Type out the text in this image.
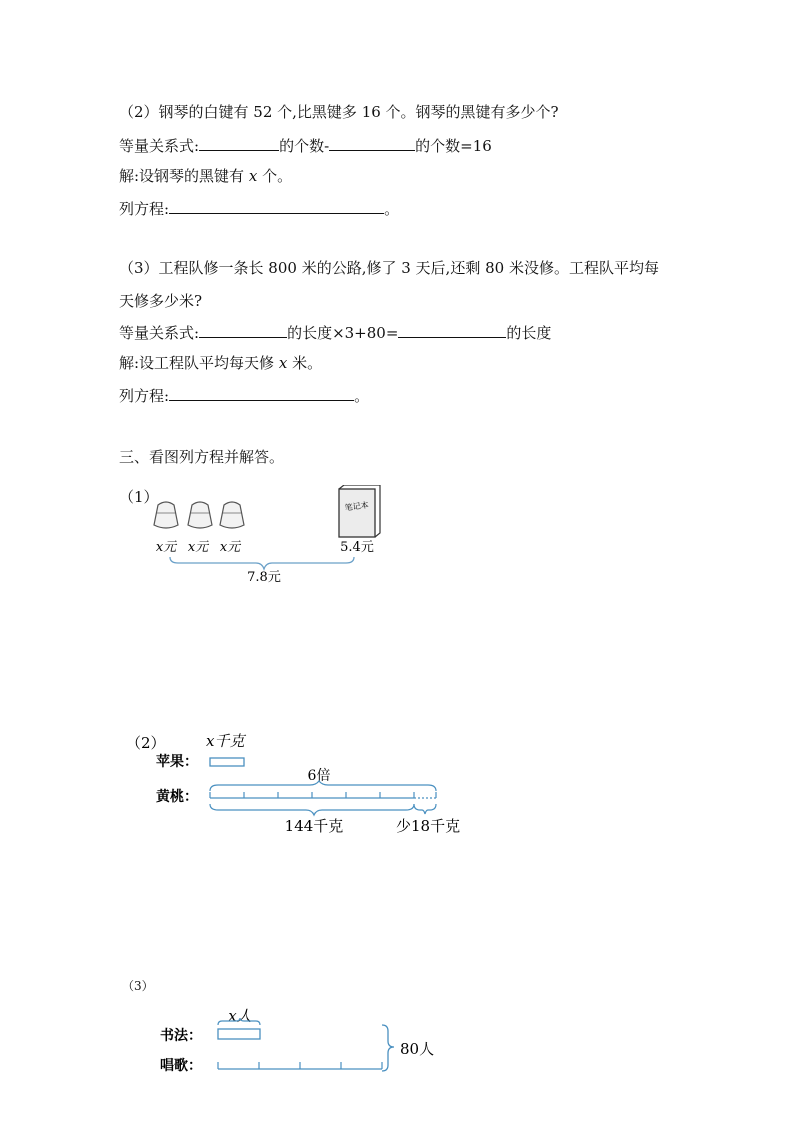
（2）钢琴的白键有 52 个,比黑键多 16 个。钢琴的黑键有多少个?
等量关系式:	的个数-	的个数=16
解:设钢琴的黑键有 x 个。
列方程:	。
（3）工程队修一条长 800 米的公路,修了 3 天后,还剩 80 米没修。工程队平均每
天修多少米?
等量关系式:	的长度×3+80=	的长度
解:设工程队平均每天修 x 米。
列方程:	。
三、看图列方程并解答。
（1）
笔记本
x元 x元 x元	5.4元
7.8元
（2）	x千克
苹果：
6倍
黄桃：
144千克	少18千克
（3）
x人
书法：
唱歌：
80人
